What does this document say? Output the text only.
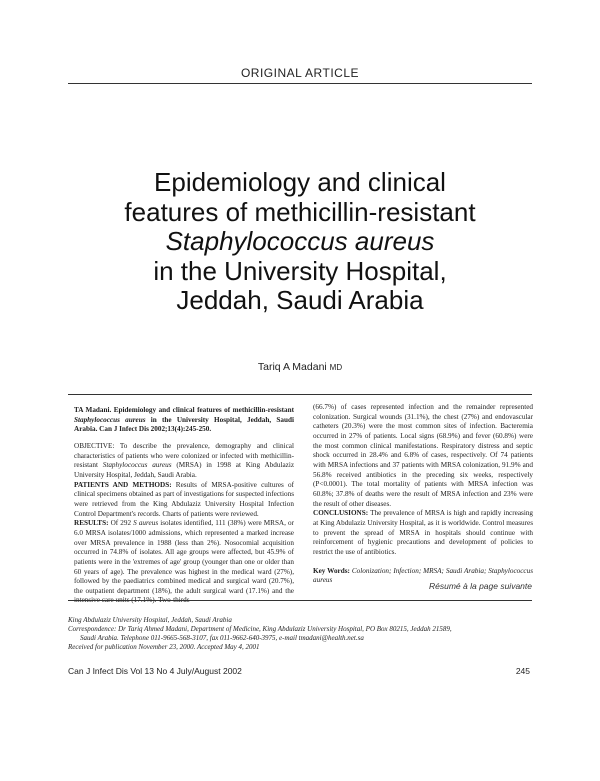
ORIGINAL ARTICLE
Epidemiology and clinical
features of methicillin-resistant
Staphylococcus aureus
in the University Hospital,
Jeddah, Saudi Arabia
Tariq A Madani MD

TA Madani. Epidemiology and clinical features of methicillin-resistant Staphylococcus aureus in the University Hospital, Jeddah, Saudi Arabia. Can J Infect Dis 2002;13(4):245-250.

OBJECTIVE: To describe the prevalence, demography and clinical characteristics of patients who were colonized or infected with methicillin-resistant Staphylococcus aureus (MRSA) in 1998 at King Abdulaziz University Hospital, Jeddah, Saudi Arabia.

PATIENTS AND METHODS: Results of MRSA-positive cultures of clinical specimens obtained as part of investigations for suspected infections were retrieved from the King Abdulaziz University Hospital Infection Control Department's records. Charts of patients were reviewed.

RESULTS: Of 292 S aureus isolates identified, 111 (38%) were MRSA, or 6.0 MRSA isolates/1000 admissions, which represented a marked increase over MRSA prevalence in 1988 (less than 2%). Nosocomial acquisition occurred in 74.8% of isolates. All age groups were affected, but 45.9% of patients were in the 'extremes of age' group (younger than one or older than 60 years of age). The prevalence was highest in the medical ward (27%), followed by the paediatrics combined medical and surgical ward (20.7%), the outpatient department (18%), the adult surgical ward (17.1%) and the intensive care units (17.1%). Two-thirds

(66.7%) of cases represented infection and the remainder represented colonization. Surgical wounds (31.1%), the chest (27%) and endovascular catheters (20.3%) were the most common sites of infection. Bacteremia occurred in 27% of patients. Local signs (68.9%) and fever (60.8%) were the most common clinical manifestations. Respiratory distress and septic shock occurred in 28.4% and 6.8% of cases, respectively. Of 74 patients with MRSA infections and 37 patients with MRSA colonization, 91.9% and 56.8% received antibiotics in the preceding six weeks, respectively (P<0.0001). The total mortality of patients with MRSA infection was 60.8%; 37.8% of deaths were the result of MRSA infection and 23% were the result of other diseases.

CONCLUSIONS: The prevalence of MRSA is high and rapidly increasing at King Abdulaziz University Hospital, as it is worldwide. Control measures to prevent the spread of MRSA in hospitals should continue with reinforcement of hygienic precautions and development of policies to restrict the use of antibiotics.

Key Words: Colonization; Infection; MRSA; Saudi Arabia; Staphylococcus aureus

Résumé à la page suivante

King Abdulaziz University Hospital, Jeddah, Saudi Arabia

Correspondence: Dr Tariq Ahmed Madani, Department of Medicine, King Abdulaziz University Hospital, PO Box 80215, Jeddah 21589,

Saudi Arabia. Telephone 011-9665-568-3107, fax 011-9662-640-3975, e-mail tmadani@health.net.sa

Received for publication November 23, 2000. Accepted May 4, 2001

Can J Infect Dis Vol 13 No 4 July/August 2002	245
